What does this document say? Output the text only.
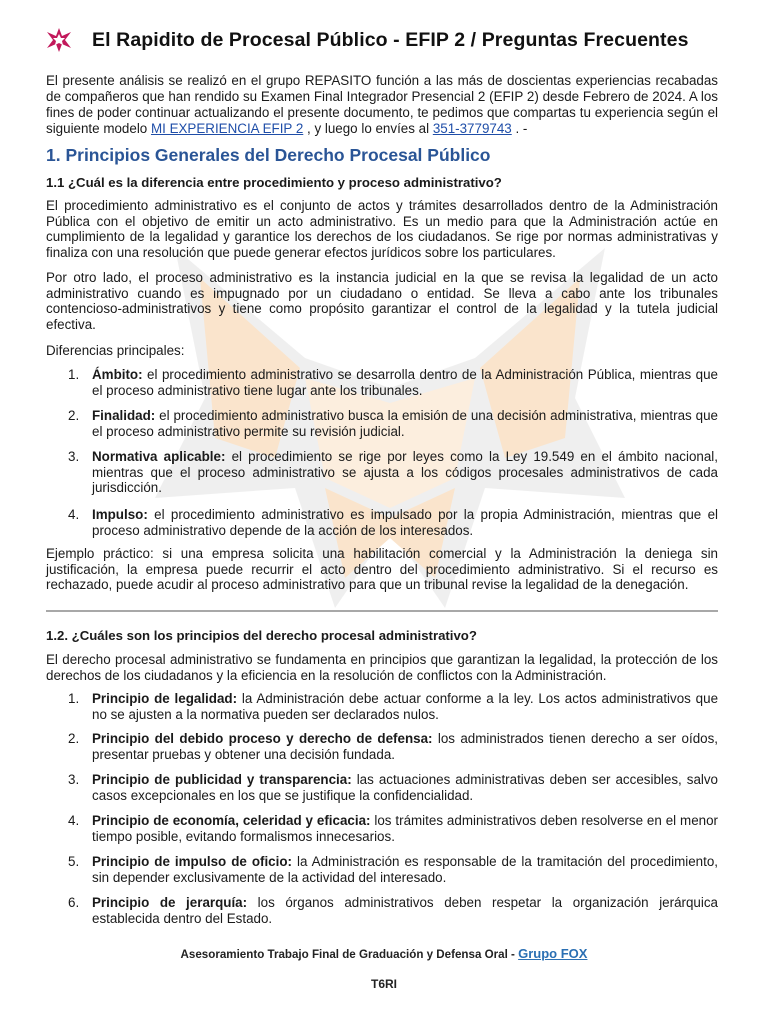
El Rapidito de Procesal Público - EFIP 2 / Preguntas Frecuentes

El presente análisis se realizó en el grupo REPASITO función a las más de doscientas experiencias recabadas de compañeros que han rendido su Examen Final Integrador Presencial 2 (EFIP 2) desde Febrero de 2024. A los fines de poder continuar actualizando el presente documento, te pedimos que compartas tu experiencia según el siguiente modelo MI EXPERIENCIA EFIP 2 , y luego lo envíes al 351-3779743 . -

1. Principios Generales del Derecho Procesal Público
1.1 ¿Cuál es la diferencia entre procedimiento y proceso administrativo?

El procedimiento administrativo es el conjunto de actos y trámites desarrollados dentro de la Administración Pública con el objetivo de emitir un acto administrativo. Es un medio para que la Administración actúe en cumplimiento de la legalidad y garantice los derechos de los ciudadanos. Se rige por normas administrativas y finaliza con una resolución que puede generar efectos jurídicos sobre los particulares.

Por otro lado, el proceso administrativo es la instancia judicial en la que se revisa la legalidad de un acto administrativo cuando es impugnado por un ciudadano o entidad. Se lleva a cabo ante los tribunales contencioso-administrativos y tiene como propósito garantizar el control de la legalidad y la tutela judicial efectiva.

Diferencias principales:

1. Ámbito: el procedimiento administrativo se desarrolla dentro de la Administración Pública, mientras que el proceso administrativo tiene lugar ante los tribunales.
2. Finalidad: el procedimiento administrativo busca la emisión de una decisión administrativa, mientras que el proceso administrativo permite su revisión judicial.
3. Normativa aplicable: el procedimiento se rige por leyes como la Ley 19.549 en el ámbito nacional, mientras que el proceso administrativo se ajusta a los códigos procesales administrativos de cada jurisdicción.
4. Impulso: el procedimiento administrativo es impulsado por la propia Administración, mientras que el proceso administrativo depende de la acción de los interesados.

Ejemplo práctico: si una empresa solicita una habilitación comercial y la Administración la deniega sin justificación, la empresa puede recurrir el acto dentro del procedimiento administrativo. Si el recurso es rechazado, puede acudir al proceso administrativo para que un tribunal revise la legalidad de la denegación.

1.2. ¿Cuáles son los principios del derecho procesal administrativo?

El derecho procesal administrativo se fundamenta en principios que garantizan la legalidad, la protección de los derechos de los ciudadanos y la eficiencia en la resolución de conflictos con la Administración.

1. Principio de legalidad: la Administración debe actuar conforme a la ley. Los actos administrativos que no se ajusten a la normativa pueden ser declarados nulos.
2. Principio del debido proceso y derecho de defensa: los administrados tienen derecho a ser oídos, presentar pruebas y obtener una decisión fundada.
3. Principio de publicidad y transparencia: las actuaciones administrativas deben ser accesibles, salvo casos excepcionales en los que se justifique la confidencialidad.
4. Principio de economía, celeridad y eficacia: los trámites administrativos deben resolverse en el menor tiempo posible, evitando formalismos innecesarios.
5. Principio de impulso de oficio: la Administración es responsable de la tramitación del procedimiento, sin depender exclusivamente de la actividad del interesado.
6. Principio de jerarquía: los órganos administrativos deben respetar la organización jerárquica establecida dentro del Estado.
Asesoramiento Trabajo Final de Graduación y Defensa Oral - Grupo FOX
T6RI
